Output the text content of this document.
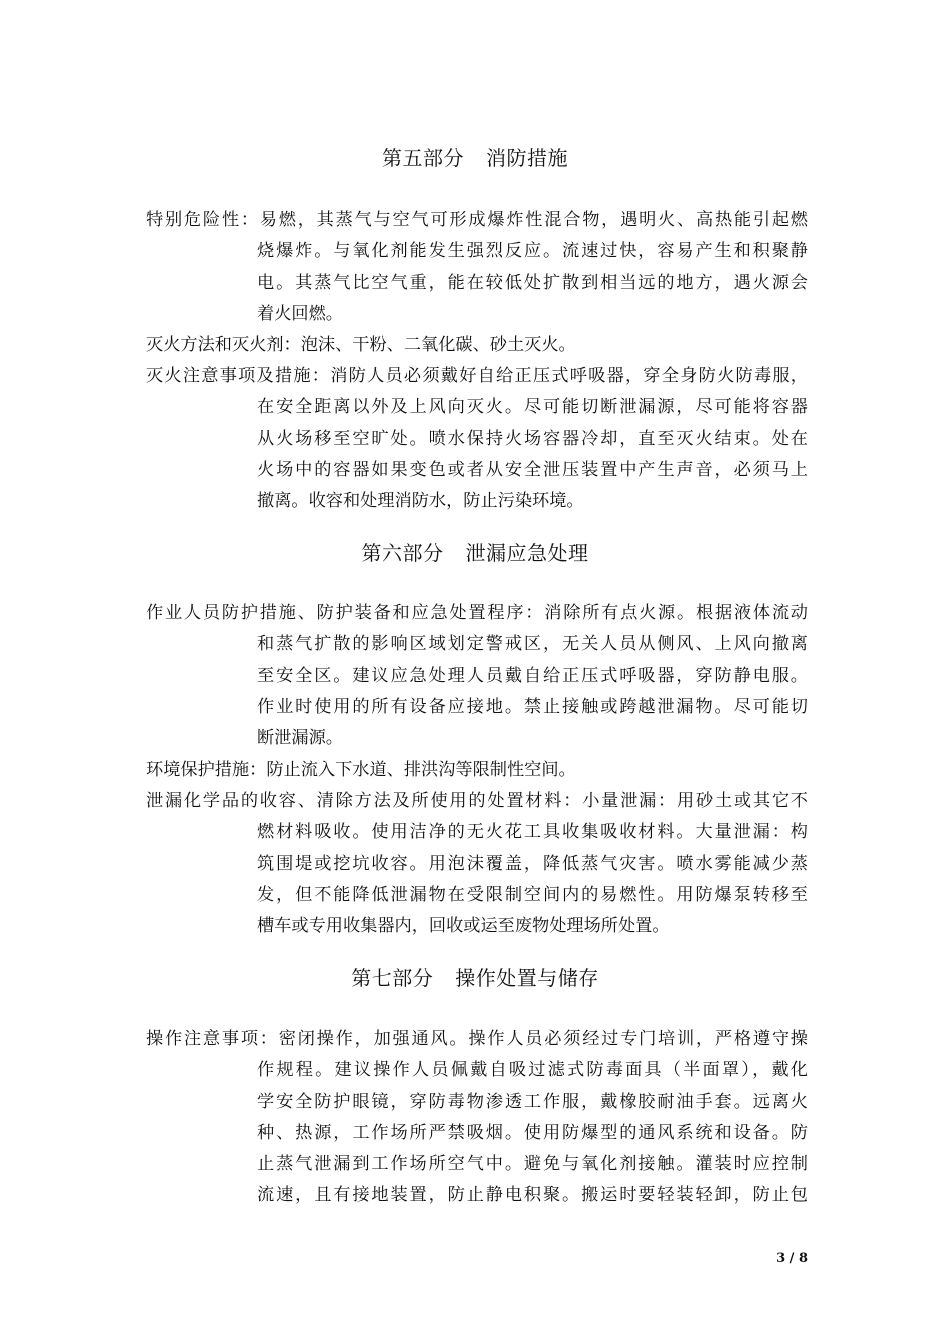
第五部分 消防措施
特别危险性：易燃，其蒸气与空气可形成爆炸性混合物，遇明火、高热能引起燃
烧爆炸。与氧化剂能发生强烈反应。流速过快，容易产生和积聚静
电。其蒸气比空气重，能在较低处扩散到相当远的地方，遇火源会
着火回燃。
灭火方法和灭火剂：泡沫、干粉、二氧化碳、砂土灭火。
灭火注意事项及措施：消防人员必须戴好自给正压式呼吸器，穿全身防火防毒服，
在安全距离以外及上风向灭火。尽可能切断泄漏源，尽可能将容器
从火场移至空旷处。喷水保持火场容器冷却，直至灭火结束。处在
火场中的容器如果变色或者从安全泄压装置中产生声音，必须马上
撤离。收容和处理消防水，防止污染环境。
第六部分 泄漏应急处理
作业人员防护措施、防护装备和应急处置程序：消除所有点火源。根据液体流动
和蒸气扩散的影响区域划定警戒区，无关人员从侧风、上风向撤离
至安全区。建议应急处理人员戴自给正压式呼吸器，穿防静电服。
作业时使用的所有设备应接地。禁止接触或跨越泄漏物。尽可能切
断泄漏源。
环境保护措施：防止流入下水道、排洪沟等限制性空间。
泄漏化学品的收容、清除方法及所使用的处置材料：小量泄漏：用砂土或其它不
燃材料吸收。使用洁净的无火花工具收集吸收材料。大量泄漏：构
筑围堤或挖坑收容。用泡沫覆盖，降低蒸气灾害。喷水雾能减少蒸
发，但不能降低泄漏物在受限制空间内的易燃性。用防爆泵转移至
槽车或专用收集器内，回收或运至废物处理场所处置。
第七部分 操作处置与储存
操作注意事项：密闭操作，加强通风。操作人员必须经过专门培训，严格遵守操
作规程。建议操作人员佩戴自吸过滤式防毒面具（半面罩），戴化
学安全防护眼镜，穿防毒物渗透工作服，戴橡胶耐油手套。远离火
种、热源，工作场所严禁吸烟。使用防爆型的通风系统和设备。防
止蒸气泄漏到工作场所空气中。避免与氧化剂接触。灌装时应控制
流速，且有接地装置，防止静电积聚。搬运时要轻装轻卸，防止包
3 / 8
